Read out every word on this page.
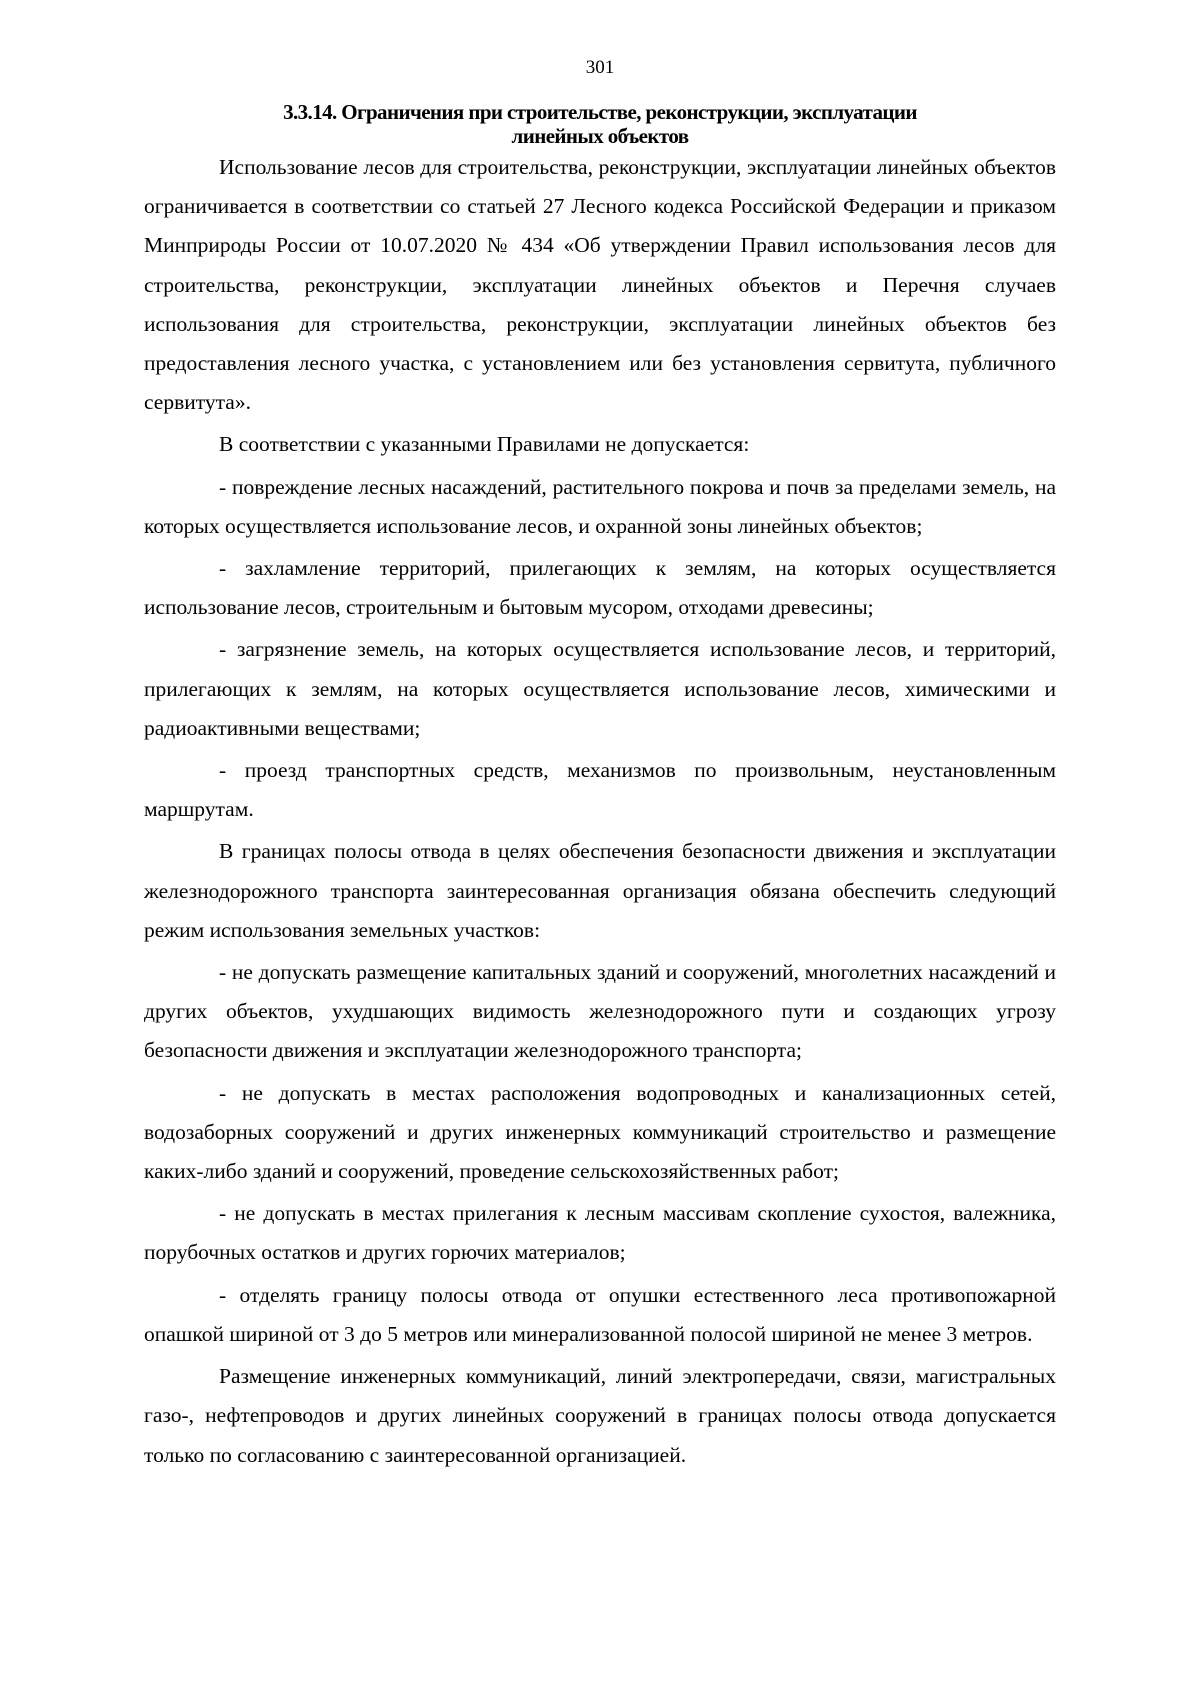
301
3.3.14. Ограничения при строительстве, реконструкции, эксплуатации
линейных объектов

Использование лесов для строительства, реконструкции, эксплуатации линейных объектов ограничивается в соответствии со статьей 27 Лесного кодекса Российской Федерации и приказом Минприроды России от 10.07.2020 № 434 «Об утверждении Правил использования лесов для строительства, реконструкции, эксплуатации линейных объектов и Перечня случаев использования для строительства, реконструкции, эксплуатации линейных объектов без предоставления лесного участка, с установлением или без установления сервитута, публичного сервитута».

В соответствии с указанными Правилами не допускается:

- повреждение лесных насаждений, растительного покрова и почв за пределами земель, на которых осуществляется использование лесов, и охранной зоны линейных объектов;

- захламление территорий, прилегающих к землям, на которых осуществляется использование лесов, строительным и бытовым мусором, отходами древесины;

- загрязнение земель, на которых осуществляется использование лесов, и территорий, прилегающих к землям, на которых осуществляется использование лесов, химическими и радиоактивными веществами;

- проезд транспортных средств, механизмов по произвольным, неустановленным маршрутам.

В границах полосы отвода в целях обеспечения безопасности движения и эксплуатации железнодорожного транспорта заинтересованная организация обязана обеспечить следующий режим использования земельных участков:

- не допускать размещение капитальных зданий и сооружений, многолетних насаждений и других объектов, ухудшающих видимость железнодорожного пути и создающих угрозу безопасности движения и эксплуатации железнодорожного транспорта;

- не допускать в местах расположения водопроводных и канализационных сетей, водозаборных сооружений и других инженерных коммуникаций строительство и размещение каких-либо зданий и сооружений, проведение сельскохозяйственных работ;

- не допускать в местах прилегания к лесным массивам скопление сухостоя, валежника, порубочных остатков и других горючих материалов;

- отделять границу полосы отвода от опушки естественного леса противопожарной опашкой шириной от 3 до 5 метров или минерализованной полосой шириной не менее 3 метров.

Размещение инженерных коммуникаций, линий электропередачи, связи, магистральных газо-, нефтепроводов и других линейных сооружений в границах полосы отвода допускается только по согласованию с заинтересованной организацией.
